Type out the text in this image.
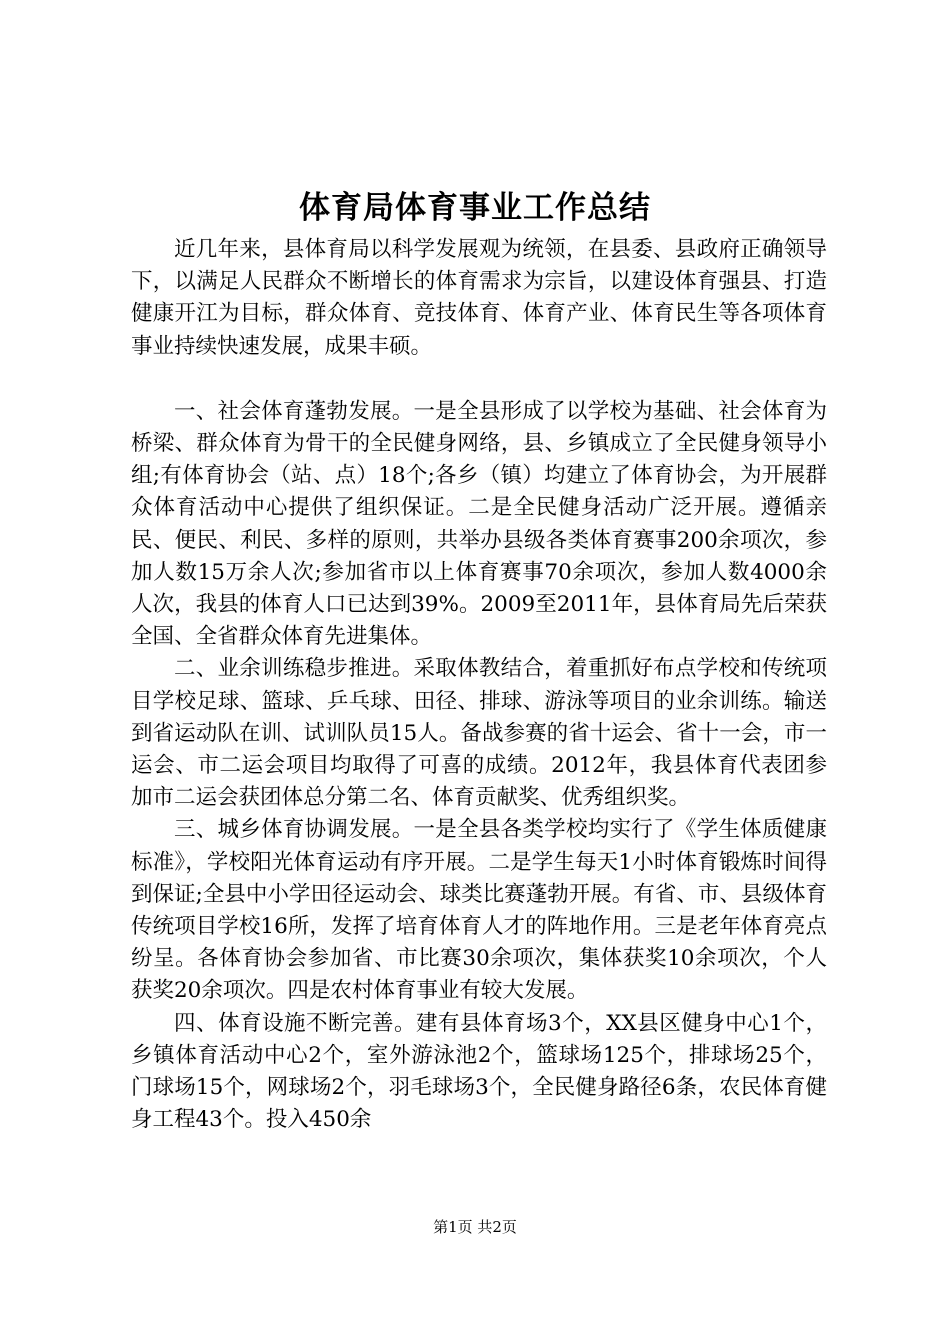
体育局体育事业工作总结

近几年来，县体育局以科学发展观为统领，在县委、县政府正确领导下，以满足人民群众不断增长的体育需求为宗旨，以建设体育强县、打造健康开江为目标，群众体育、竞技体育、体育产业、体育民生等各项体育事业持续快速发展，成果丰硕。

一、社会体育蓬勃发展。一是全县形成了以学校为基础、社会体育为桥梁、群众体育为骨干的全民健身网络，县、乡镇成立了全民健身领导小组;有体育协会（站、点）18个;各乡（镇）均建立了体育协会，为开展群众体育活动中心提供了组织保证。二是全民健身活动广泛开展。遵循亲民、便民、利民、多样的原则，共举办县级各类体育赛事200余项次，参加人数15万余人次;参加省市以上体育赛事70余项次，参加人数4000余人次，我县的体育人口已达到39%。2009至2011年，县体育局先后荣获全国、全省群众体育先进集体。

二、业余训练稳步推进。采取体教结合，着重抓好布点学校和传统项目学校足球、篮球、乒乓球、田径、排球、游泳等项目的业余训练。输送到省运动队在训、试训队员15人。备战参赛的省十运会、省十一会，市一运会、市二运会项目均取得了可喜的成绩。2012年，我县体育代表团参加市二运会获团体总分第二名、体育贡献奖、优秀组织奖。

三、城乡体育协调发展。一是全县各类学校均实行了《学生体质健康标准》，学校阳光体育运动有序开展。二是学生每天1小时体育锻炼时间得到保证;全县中小学田径运动会、球类比赛蓬勃开展。有省、市、县级体育传统项目学校16所，发挥了培育体育人才的阵地作用。三是老年体育亮点纷呈。各体育协会参加省、市比赛30余项次，集体获奖10余项次，个人获奖20余项次。四是农村体育事业有较大发展。

四、体育设施不断完善。建有县体育场3个，XX县区健身中心1个，乡镇体育活动中心2个，室外游泳池2个，篮球场125个，排球场25个，门球场15个，网球场2个，羽毛球场3个，全民健身路径6条，农民体育健身工程43个。投入450余

第1页 共2页
